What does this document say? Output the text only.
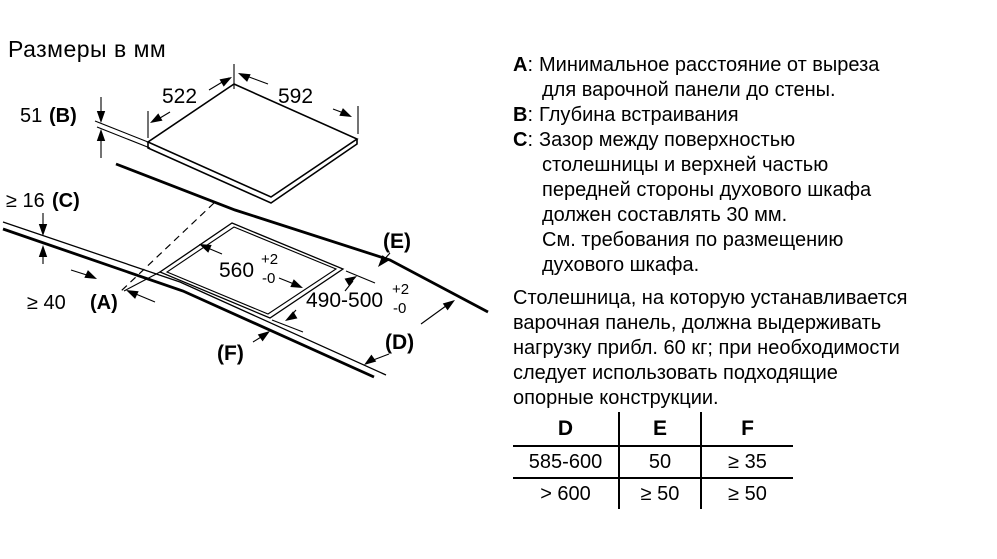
Размеры в мм
522	592
51 (B)
≥ 16 (C)
≥ 40 (A)
560 +2
-0
490-500 +2
-0
(E)
(D)
(F)
A: Минимальное расстояние от выреза
для варочной панели до стены.
B: Глубина встраивания
C: Зазор между поверхностью
столешницы и верхней частью
передней стороны духового шкафа
должен составлять 30 мм.
См. требования по размещению
духового шкафа.
Столешница, на которую устанавливается
варочная панель, должна выдерживать
нагрузку прибл. 60 кг; при необходимости
следует использовать подходящие
опорные конструкции.
D	E	F
585-600	50	≥ 35
> 600	≥ 50	≥ 50
